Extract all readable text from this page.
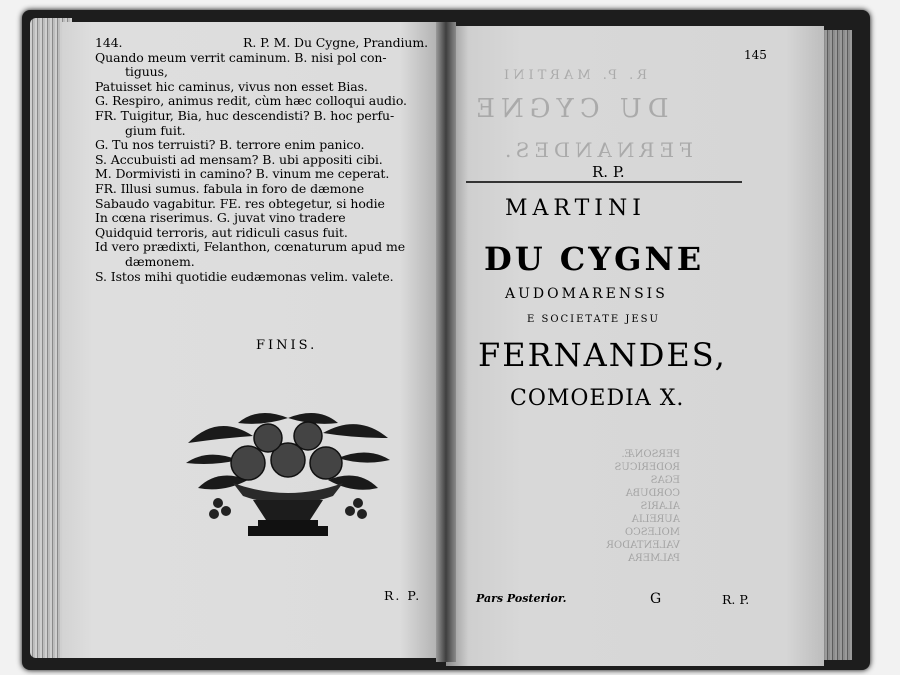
144.	R. P. M. Du Cygne, Prandium.
Quando meum verrit caminum. B. nisi pol con-
tiguus,
Patuisset hic caminus, vivus non esset Bias.
G. Respiro, animus redit, cùm hæc colloqui audio.
FR. Tuigitur, Bia, huc descendisti? B. hoc perfu-
gium fuit.
G. Tu nos terruisti? B. terrore enim panico.
S. Accubuisti ad mensam? B. ubi appositi cibi.
M. Dormivisti in camino? B. vinum me ceperat.
FR. Illusi sumus. fabula in foro de dæmone
Sabaudo vagabitur. FE. res obtegetur, si hodie
In cœna riserimus. G. juvat vino tradere
Quidquid terroris, aut ridiculi casus fuit.
Id vero prædixti, Felanthon, cœnaturum apud me
dæmonem.
S. Istos mihi quotidie eudæmonas velim. valete.
FINIS.
R. P.
R. P. MARTINI
DU CYGNE
FERNANDES.
PERSONÆ.
RODERICUS
EGAS
CORDUBA
ALARIS
AURELIA
MOLESCO
VALENTADOR
PALMERA
145
R. P.
MARTINI
DU CYGNE
AUDOMARENSIS
E SOCIETATE JESU
FERNANDES,
COMOEDIA X.
Pars Posterior.	G	R. P.
